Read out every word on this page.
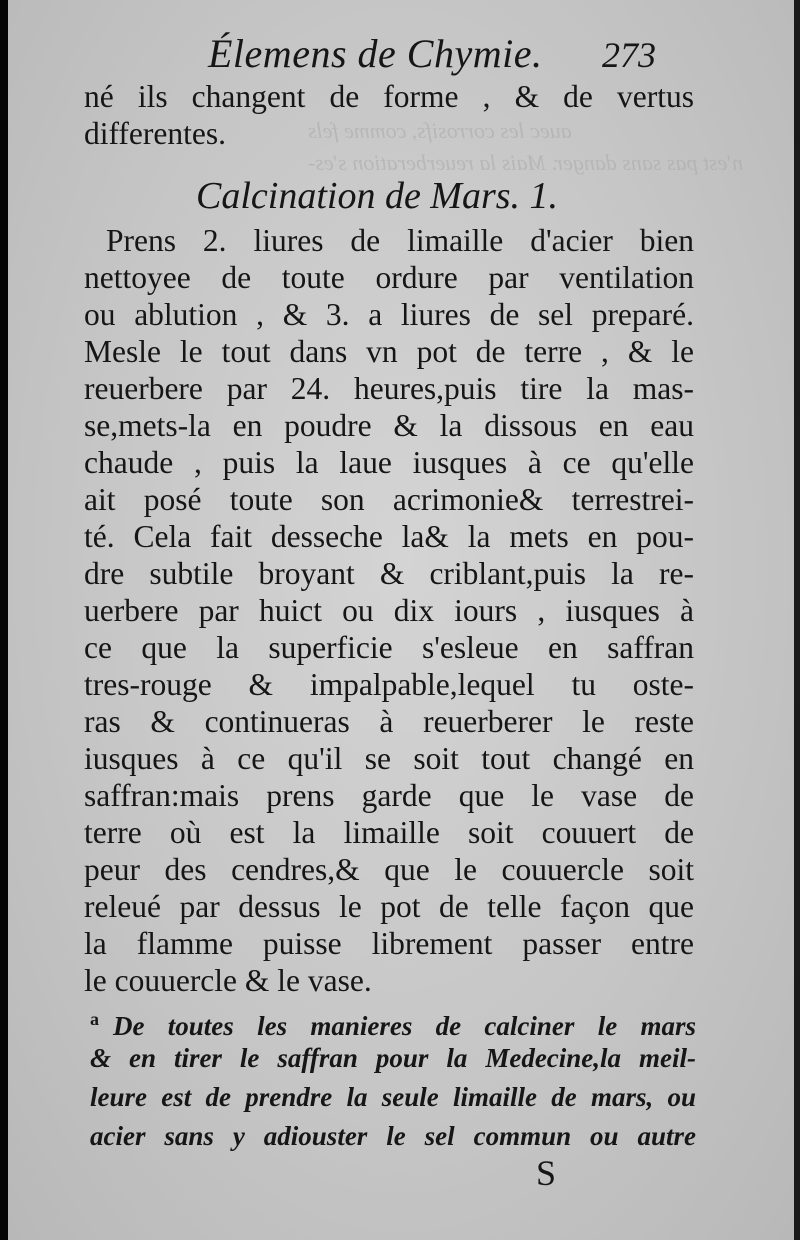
auec les corrosifs, comme fels
n'est pas sans danger. Mais la reuerberation s'es-
Élemens de Chymie. 273
né ils changent de forme , & de vertus
differentes.
Calcination de Mars. 1.
Prens 2. liures de limaille d'acier bien
nettoyee de toute ordure par ventilation
ou ablution , & 3. a liures de sel preparé.
Mesle le tout dans vn pot de terre , & le
reuerbere par 24. heures,puis tire la mas-
se,mets-la en poudre & la dissous en eau
chaude , puis la laue iusques à ce qu'elle
ait posé toute son acrimonie& terrestrei-
té. Cela fait desseche la& la mets en pou-
dre subtile broyant & criblant,puis la re-
uerbere par huict ou dix iours , iusques à
ce que la superficie s'esleue en saffran
tres-rouge & impalpable,lequel tu oste-
ras & continueras à reuerberer le reste
iusques à ce qu'il se soit tout changé en
saffran:mais prens garde que le vase de
terre où est la limaille soit couuert de
peur des cendres,& que le couuercle soit
releué par dessus le pot de telle façon que
la flamme puisse librement passer entre
le couuercle & le vase.
$^a$ De toutes les manieres de calciner le mars
& en tirer le saffran pour la Medecine,la meil-
leure est de prendre la seule limaille de mars, ou
acier sans y adiouster le sel commun ou autre
S
